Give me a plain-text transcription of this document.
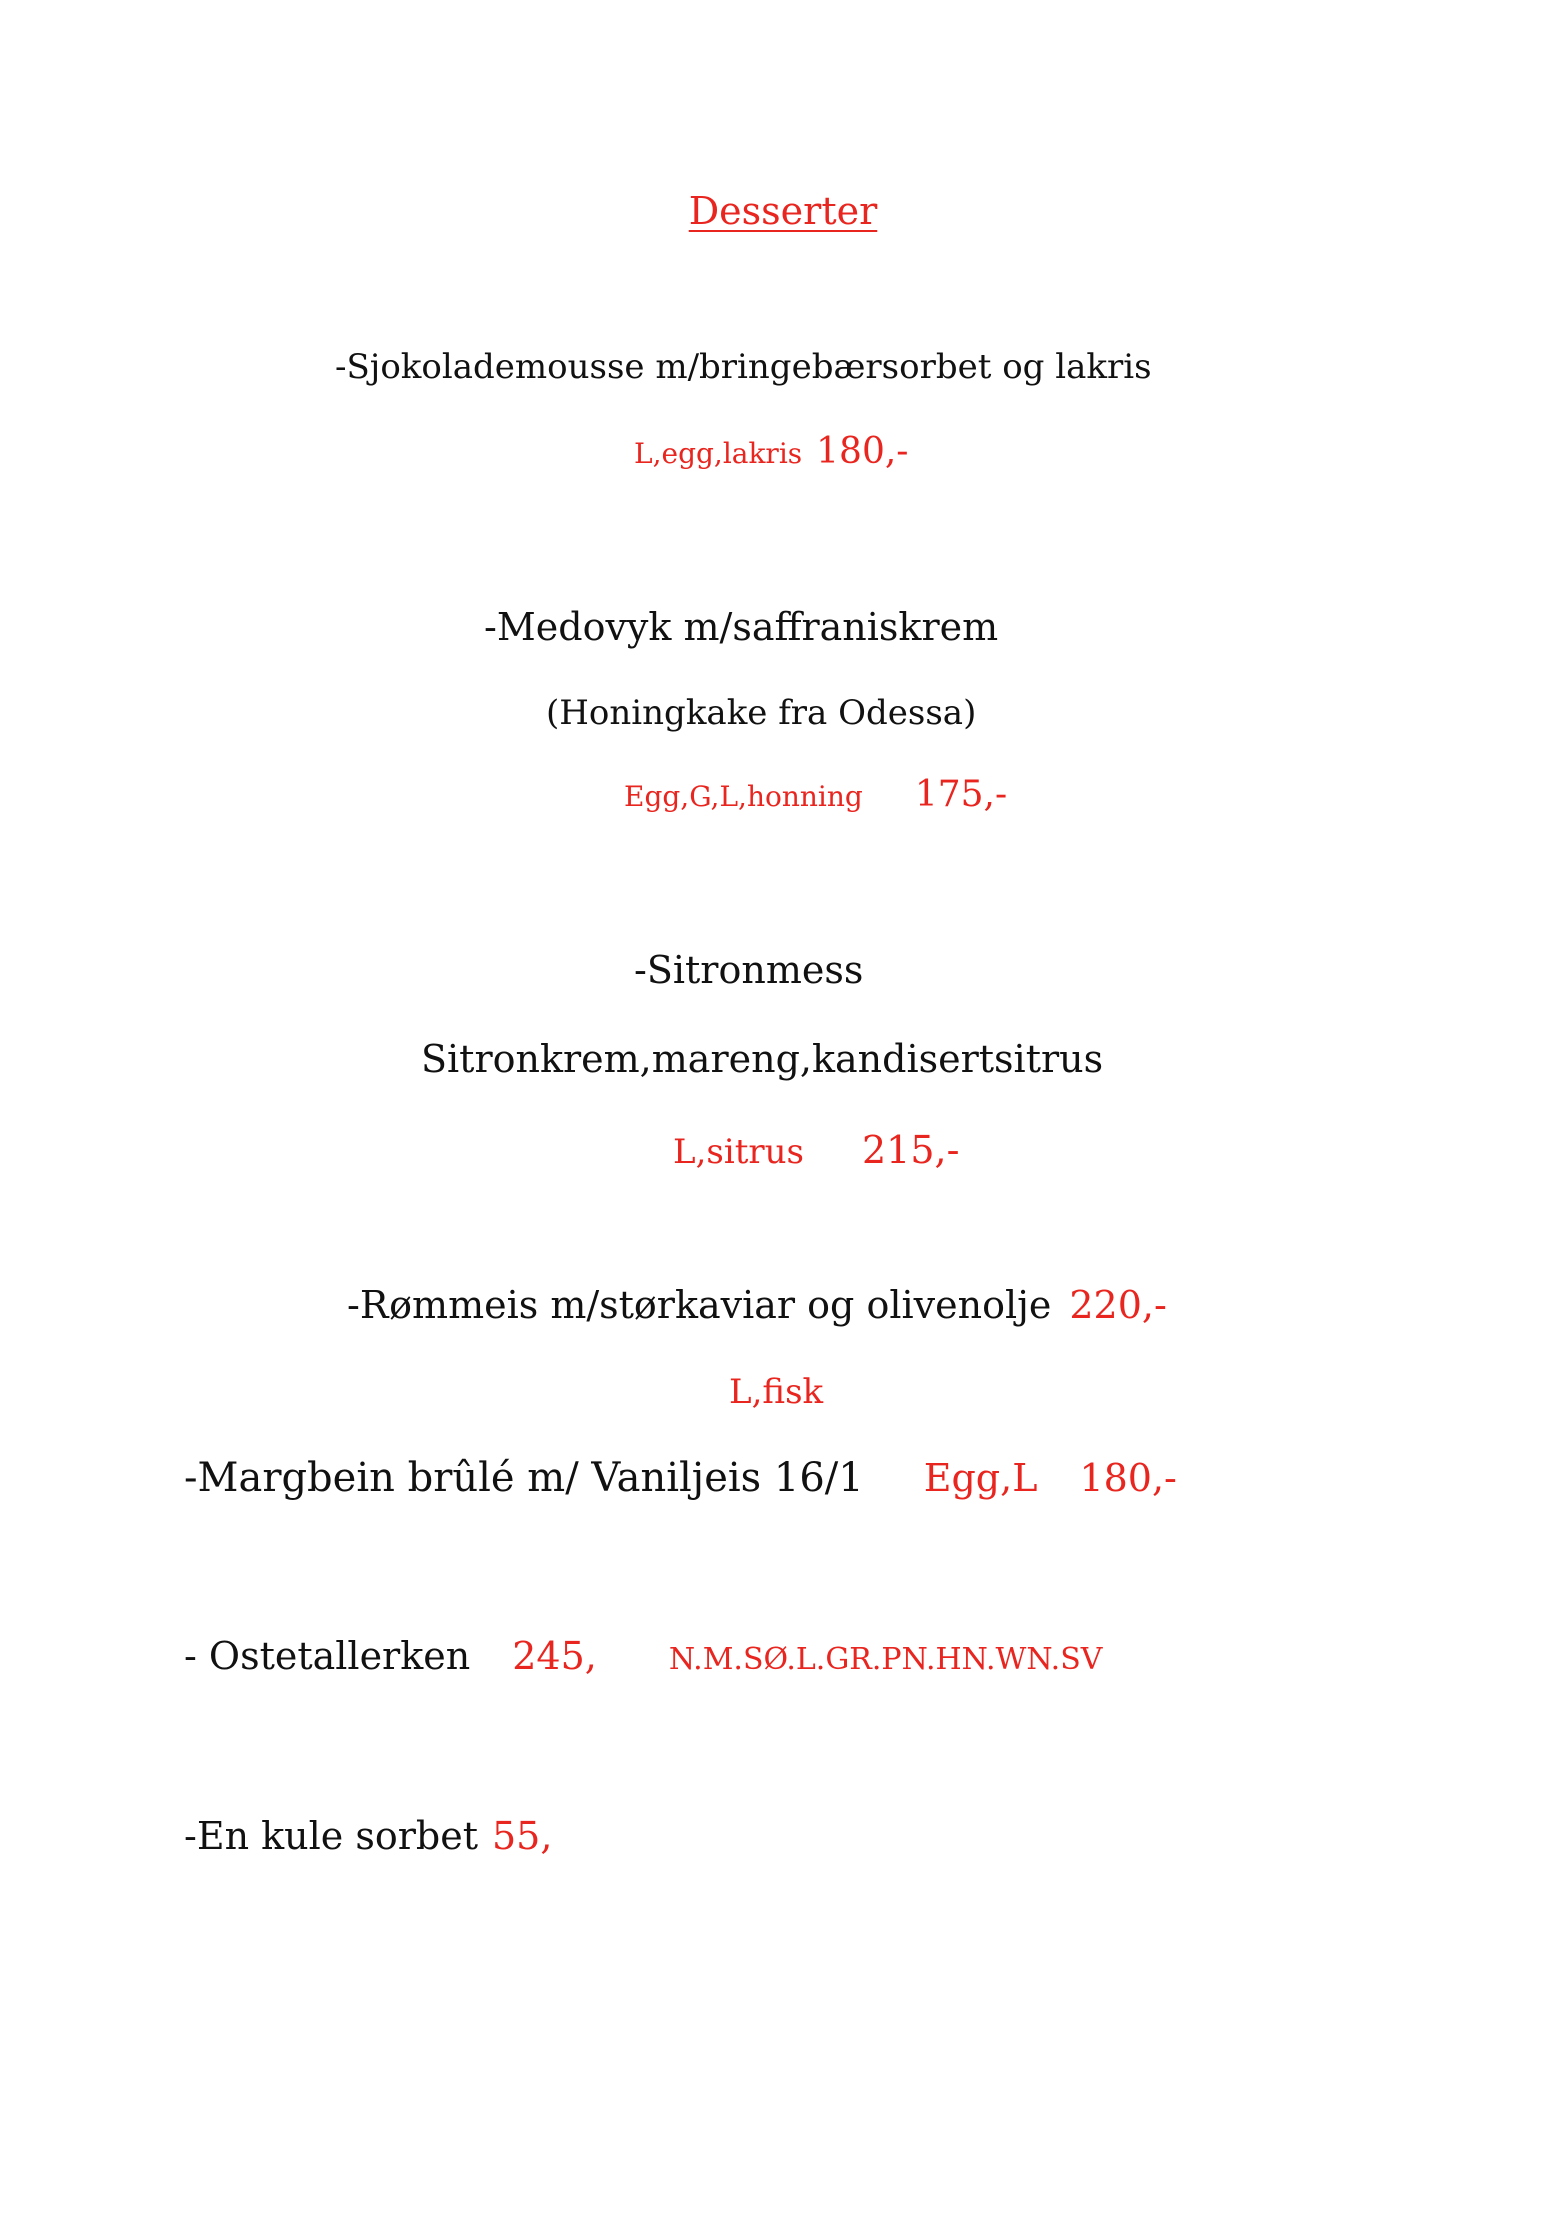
Desserter
-Sjokolademousse m/bringebærsorbet og lakris
L,egg,lakris 180,-
-Medovyk m/saffraniskrem
(Honingkake fra Odessa)
Egg,G,L,honning 175,-
-Sitronmess
Sitronkrem,mareng,kandisertsitrus
L,sitrus 215,-
-Rømmeis m/størkaviar og olivenolje 220,-
L,fisk
-Margbein brûlé m/ Vaniljeis 16/1 Egg,L 180,-
- Ostetallerken 245, N.M.SØ.L.GR.PN.HN.WN.SV
-En kule sorbet 55,
